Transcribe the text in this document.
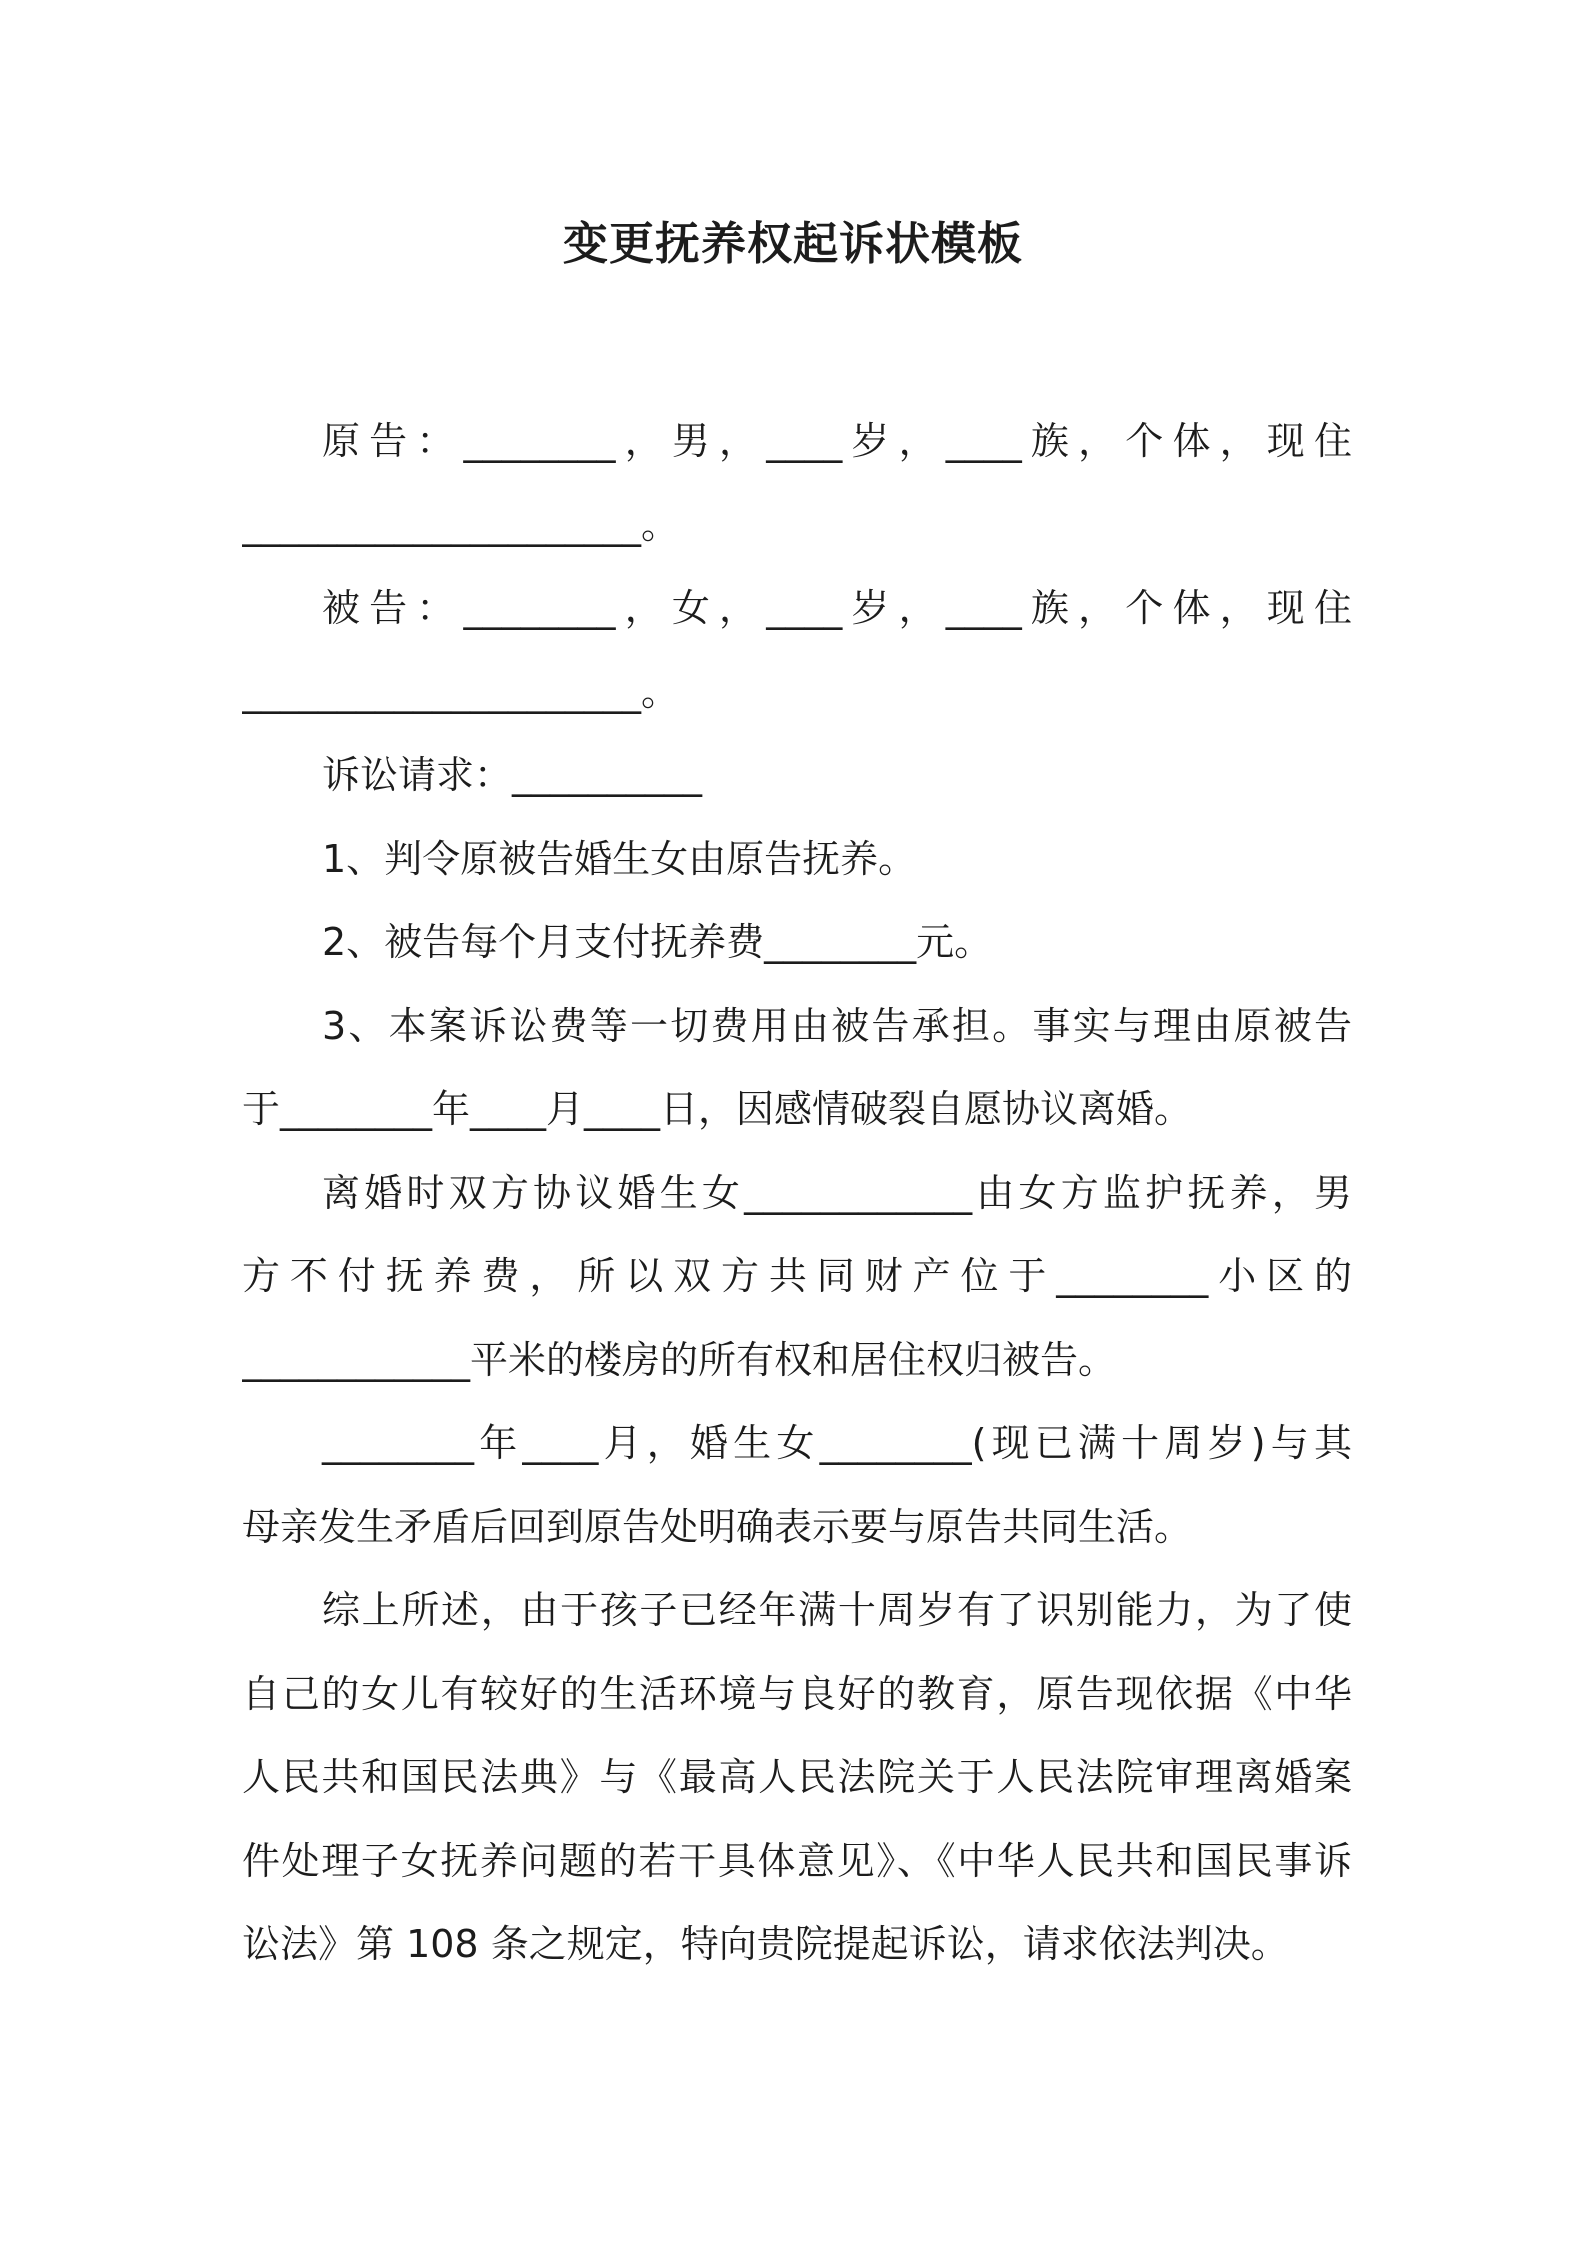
变更抚养权起诉状模板
原告：________，男，____岁，____族，个体，现住
_____________________。
被告：________，女，____岁，____族，个体，现住
_____________________。
诉讼请求：__________
1、判令原被告婚生女由原告抚养。
2、被告每个月支付抚养费________元。
3、本案诉讼费等一切费用由被告承担。事实与理由原被告
于________年____月____日，因感情破裂自愿协议离婚。
离婚时双方协议婚生女____________由女方监护抚养，男
方不付抚养费，所以双方共同财产位于________小区的
____________平米的楼房的所有权和居住权归被告。
________年____月，婚生女________(现已满十周岁)与其
母亲发生矛盾后回到原告处明确表示要与原告共同生活。
综上所述，由于孩子已经年满十周岁有了识别能力，为了使
自己的女儿有较好的生活环境与良好的教育，原告现依据《中华
人民共和国民法典》与《最高人民法院关于人民法院审理离婚案
件处理子女抚养问题的若干具体意见》、《中华人民共和国民事诉
讼法》第 108 条之规定，特向贵院提起诉讼，请求依法判决。
